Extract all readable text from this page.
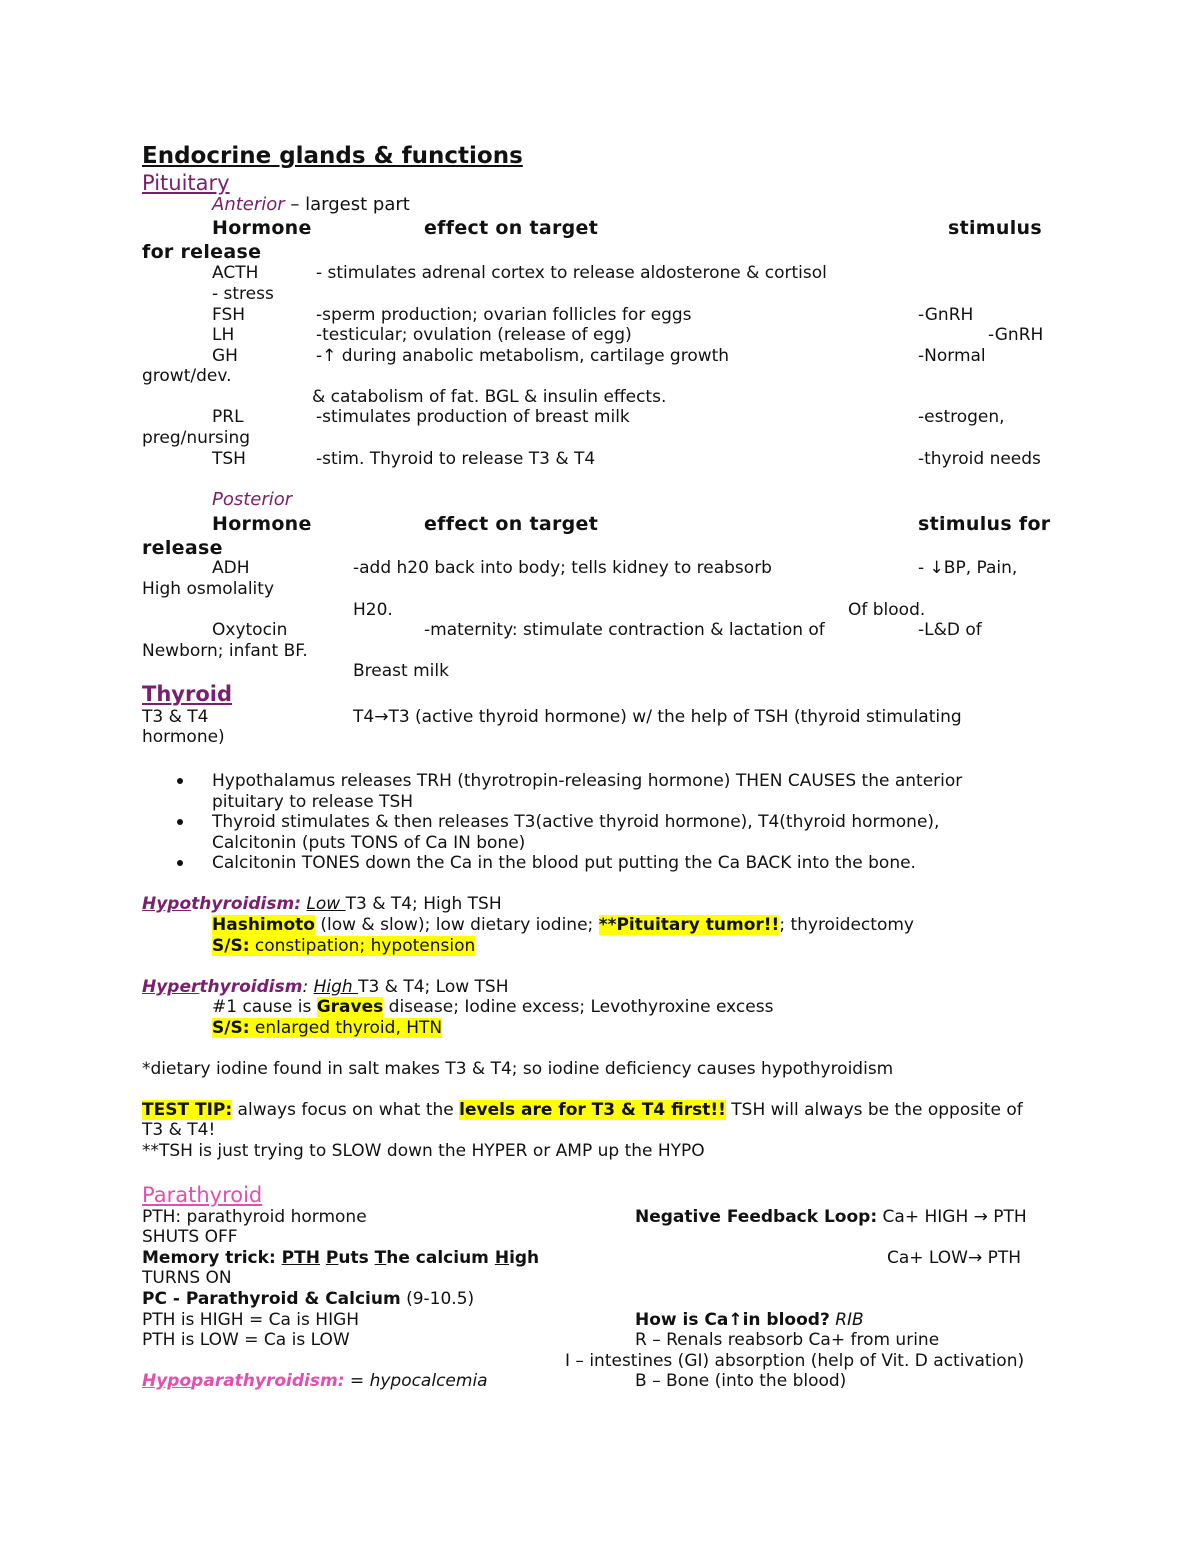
Endocrine glands & functions
Pituitary
Anterior – largest part
Hormone	effect on target	stimulus
for release
ACTH	- stimulates adrenal cortex to release aldosterone & cortisol
- stress
FSH	-sperm production; ovarian follicles for eggs	-GnRH
LH	-testicular; ovulation (release of egg)	-GnRH
GH	-↑ during anabolic metabolism, cartilage growth	-Normal
growt/dev.
& catabolism of fat. BGL & insulin effects.
PRL	-stimulates production of breast milk	-estrogen,
preg/nursing
TSH	-stim. Thyroid to release T3 & T4	-thyroid needs
Posterior
Hormone	effect on target	stimulus for
release
ADH	-add h20 back into body; tells kidney to reabsorb	- ↓BP, Pain,
High osmolality
H20.	Of blood.
Oxytocin	-maternity: stimulate contraction & lactation of	-L&D of
Newborn; infant BF.
Breast milk
Thyroid
T3 & T4	T4→T3 (active thyroid hormone) w/ the help of TSH (thyroid stimulating
hormone)
Hypothalamus releases TRH (thyrotropin-releasing hormone) THEN CAUSES the anterior
pituitary to release TSH
Thyroid stimulates & then releases T3(active thyroid hormone), T4(thyroid hormone),
Calcitonin (puts TONS of Ca IN bone)
Calcitonin TONES down the Ca in the blood put putting the Ca BACK into the bone.
Hypothyroidism: Low T3 & T4; High TSH
Hashimoto (low & slow); low dietary iodine; **Pituitary tumor!!; thyroidectomy
S/S: constipation; hypotension
Hyperthyroidism: High T3 & T4; Low TSH
#1 cause is Graves disease; Iodine excess; Levothyroxine excess
S/S: enlarged thyroid, HTN
*dietary iodine found in salt makes T3 & T4; so iodine deficiency causes hypothyroidism
TEST TIP: always focus on what the levels are for T3 & T4 first!! TSH will always be the opposite of
T3 & T4!
**TSH is just trying to SLOW down the HYPER or AMP up the HYPO
Parathyroid
PTH: parathyroid hormone	Negative Feedback Loop: Ca+ HIGH → PTH
SHUTS OFF
Memory trick: PTH Puts The calcium High	Ca+ LOW→ PTH
TURNS ON
PC - Parathyroid & Calcium (9-10.5)
PTH is HIGH = Ca is HIGH	How is Ca↑in blood? RIB
PTH is LOW = Ca is LOW	R – Renals reabsorb Ca+ from urine
I – intestines (GI) absorption (help of Vit. D activation)
Hypoparathyroidism: = hypocalcemia	B – Bone (into the blood)
